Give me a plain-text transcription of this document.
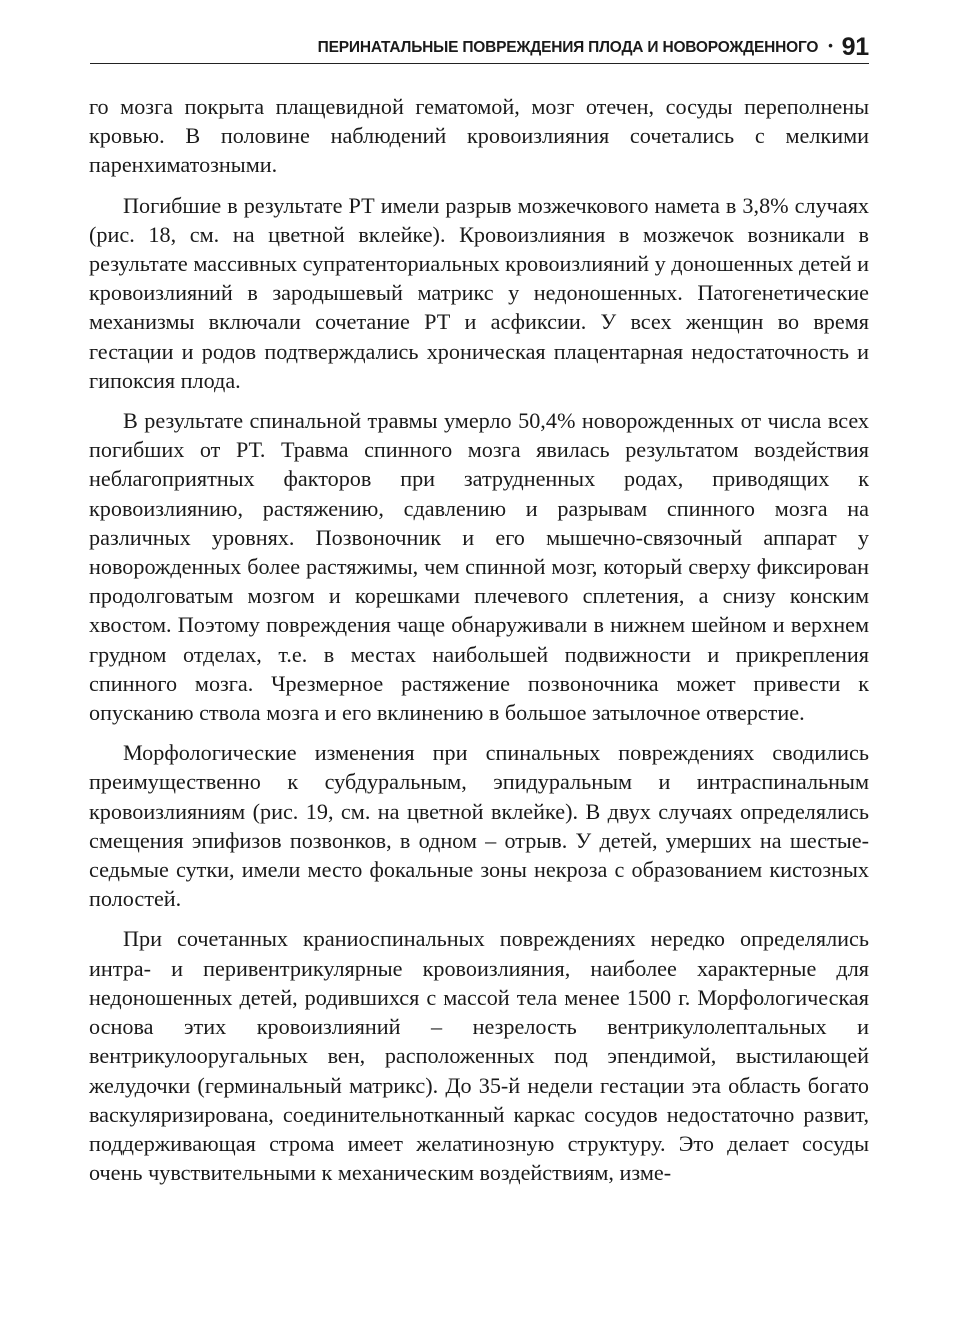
ПЕРИНАТАЛЬНЫЕ ПОВРЕЖДЕНИЯ ПЛОДА И НОВОРОЖДЕННОГО • 91

го мозга покрыта плащевидной гематомой, мозг отечен, сосуды переполнены кровью. В половине наблюдений кровоизлияния сочетались с мелкими паренхиматозными.

Погибшие в результате РТ имели разрыв мозжечкового намета в 3,8% случаях (рис. 18, см. на цветной вклейке). Кровоизлияния в мозжечок возникали в результате массивных супратенториальных кровоизлияний у доношенных детей и кровоизлияний в зародышевый матрикс у недоношенных. Патогенетические механизмы включали сочетание РТ и асфиксии. У всех женщин во время гестации и родов подтверждались хроническая плацентарная недостаточность и гипоксия плода.

В результате спинальной травмы умерло 50,4% новорожденных от числа всех погибших от РТ. Травма спинного мозга явилась результатом воздействия неблагоприятных факторов при затрудненных родах, приводящих к кровоизлиянию, растяжению, сдавлению и разрывам спинного мозга на различных уровнях. Позвоночник и его мышечно-связочный аппарат у новорожденных более растяжимы, чем спинной мозг, который сверху фиксирован продолговатым мозгом и корешками плечевого сплетения, а снизу конским хвостом. Поэтому повреждения чаще обнаруживали в нижнем шейном и верхнем грудном отделах, т.е. в местах наибольшей подвижности и прикрепления спинного мозга. Чрезмерное растяжение позвоночника может привести к опусканию ствола мозга и его вклинению в большое затылочное отверстие.

Морфологические изменения при спинальных повреждениях сводились преимущественно к субдуральным, эпидуральным и интраспинальным кровоизлияниям (рис. 19, см. на цветной вклейке). В двух случаях определялись смещения эпифизов позвонков, в одном – отрыв. У детей, умерших на шестые-седьмые сутки, имели место фокальные зоны некроза с образованием кистозных полостей.

При сочетанных краниоспинальных повреждениях нередко определялись интра- и перивентрикулярные кровоизлияния, наиболее характерные для недоношенных детей, родившихся с массой тела менее 1500 г. Морфологическая основа этих кровоизлияний – незрелость вентрикулолептальных и вентрикулооругальных вен, расположенных под эпендимой, выстилающей желудочки (герминальный матрикс). До 35-й недели гестации эта область богато васкуляризирована, соединительнотканный каркас сосудов недостаточно развит, поддерживающая строма имеет желатинозную структуру. Это делает сосуды очень чувствительными к механическим воздействиям, изме-
